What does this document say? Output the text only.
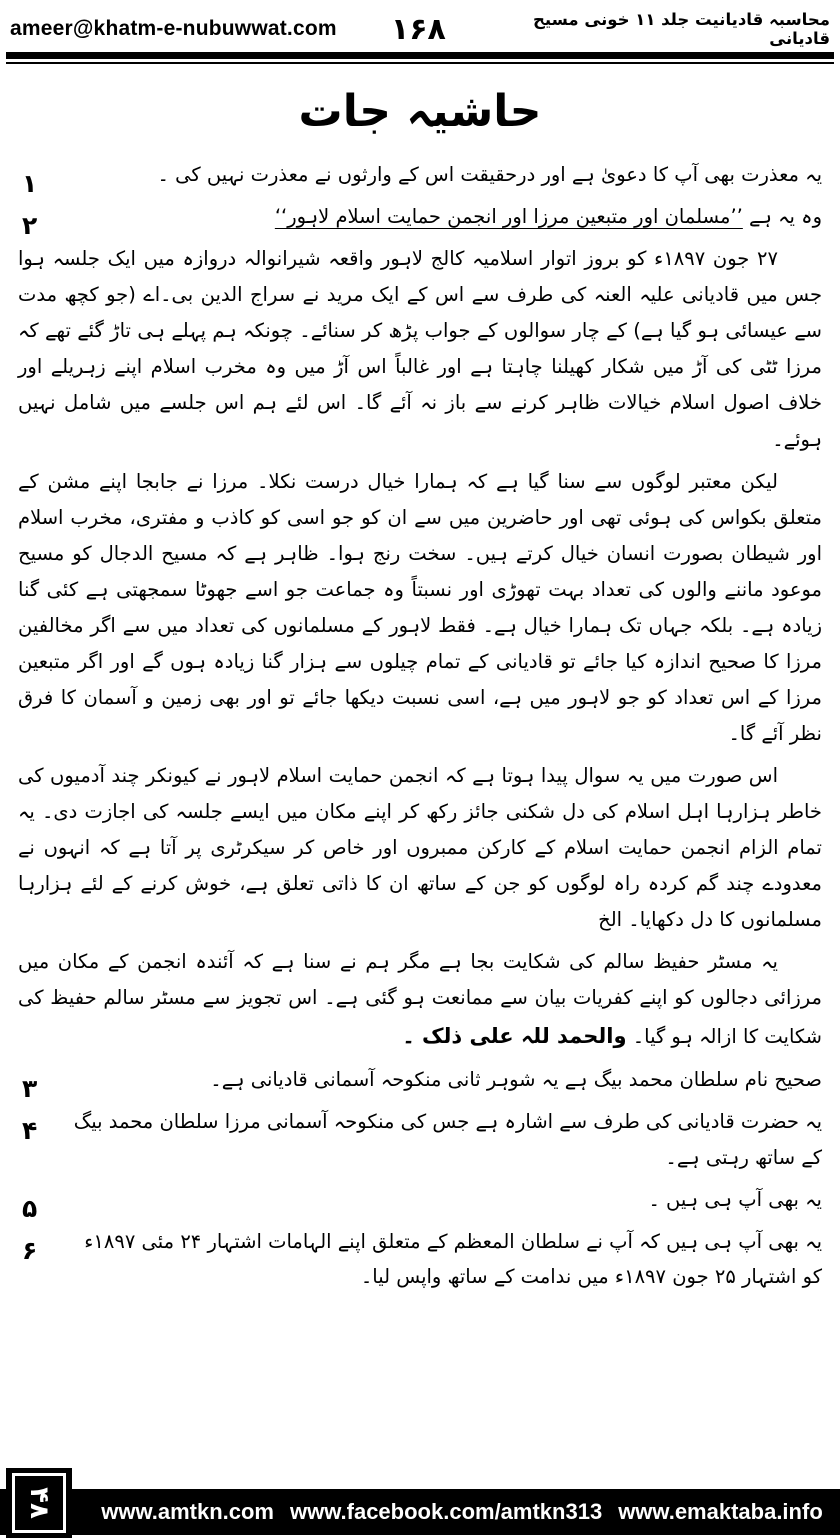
ameer@khatm-e-nubuwwat.com ۱۶۸	محاسبہ قادیانیت جلد ۱۱ خونی مسیح قادیانی
حاشیہ جات
۱	یہ معذرت بھی آپ کا دعویٰ ہے اور درحقیقت اس کے وارثوں نے معذرت نہیں کی ۔
۲	وہ یہ ہے ’’مسلمان اور متبعین مرزا اور انجمن حمایت اسلام لاہور‘‘

۲۷ جون ۱۸۹۷ء کو بروز اتوار اسلامیہ کالج لاہور واقعہ شیرانوالہ دروازہ میں ایک جلسہ ہوا جس میں قادیانی علیہ العنہ کی طرف سے اس کے ایک مرید نے سراج الدین بی۔اے (جو کچھ مدت سے عیسائی ہو گیا ہے) کے چار سوالوں کے جواب پڑھ کر سنائے۔ چونکہ ہم پہلے ہی تاڑ گئے تھے کہ مرزا ٹٹی کی آڑ میں شکار کھیلنا چاہتا ہے اور غالباً اس آڑ میں وہ مخرب اسلام اپنے زہریلے اور خلاف اصول اسلام خیالات ظاہر کرنے سے باز نہ آئے گا۔ اس لئے ہم اس جلسے میں شامل نہیں ہوئے۔

لیکن معتبر لوگوں سے سنا گیا ہے کہ ہمارا خیال درست نکلا۔ مرزا نے جابجا اپنے مشن کے متعلق بکواس کی ہوئی تھی اور حاضرین میں سے ان کو جو اسی کو کاذب و مفتری، مخرب اسلام اور شیطان بصورت انسان خیال کرتے ہیں۔ سخت رنج ہوا۔ ظاہر ہے کہ مسیح الدجال کو مسیح موعود ماننے والوں کی تعداد بہت تھوڑی اور نسبتاً وہ جماعت جو اسے جھوٹا سمجھتی ہے کئی گنا زیادہ ہے۔ بلکہ جہاں تک ہمارا خیال ہے۔ فقط لاہور کے مسلمانوں کی تعداد میں سے اگر مخالفین مرزا کا صحیح اندازہ کیا جائے تو قادیانی کے تمام چیلوں سے ہزار گنا زیادہ ہوں گے اور اگر متبعین مرزا کے اس تعداد کو جو لاہور میں ہے، اسی نسبت دیکھا جائے تو اور بھی زمین و آسمان کا فرق نظر آئے گا۔

اس صورت میں یہ سوال پیدا ہوتا ہے کہ انجمن حمایت اسلام لاہور نے کیونکر چند آدمیوں کی خاطر ہزارہا اہل اسلام کی دل شکنی جائز رکھ کر اپنے مکان میں ایسے جلسہ کی اجازت دی۔ یہ تمام الزام انجمن حمایت اسلام کے کارکن ممبروں اور خاص کر سیکرٹری پر آتا ہے کہ انہوں نے معدودے چند گم کردہ راہ لوگوں کو جن کے ساتھ ان کا ذاتی تعلق ہے، خوش کرنے کے لئے ہزارہا مسلمانوں کا دل دکھایا۔ الخ

یہ مسٹر حفیظ سالم کی شکایت بجا ہے مگر ہم نے سنا ہے کہ آئندہ انجمن کے مکان میں مرزائی دجالوں کو اپنے کفریات بیان سے ممانعت ہو گئی ہے۔ اس تجویز سے مسٹر سالم حفیظ کی شکایت کا ازالہ ہو گیا۔ والحمد للہ علی ذلک ۔

۳	صحیح نام سلطان محمد بیگ ہے یہ شوہر ثانی منکوحہ آسمانی قادیانی ہے۔
۴ یہ حضرت قادیانی کی طرف سے اشارہ ہے جس کی منکوحہ آسمانی مرزا سلطان محمد بیگ کے ساتھ رہتی ہے۔
۵	یہ بھی آپ ہی ہیں ۔
۶ یہ بھی آپ ہی ہیں کہ آپ نے سلطان المعظم کے متعلق اپنے الہامات اشتہار ۲۴ مئی ۱۸۹۷ء کو اشتہار ۲۵ جون ۱۸۹۷ء میں ندامت کے ساتھ واپس لیا۔
www.amtkn.com www.facebook.com/amtkn313 www.emaktaba.info
۴۸
